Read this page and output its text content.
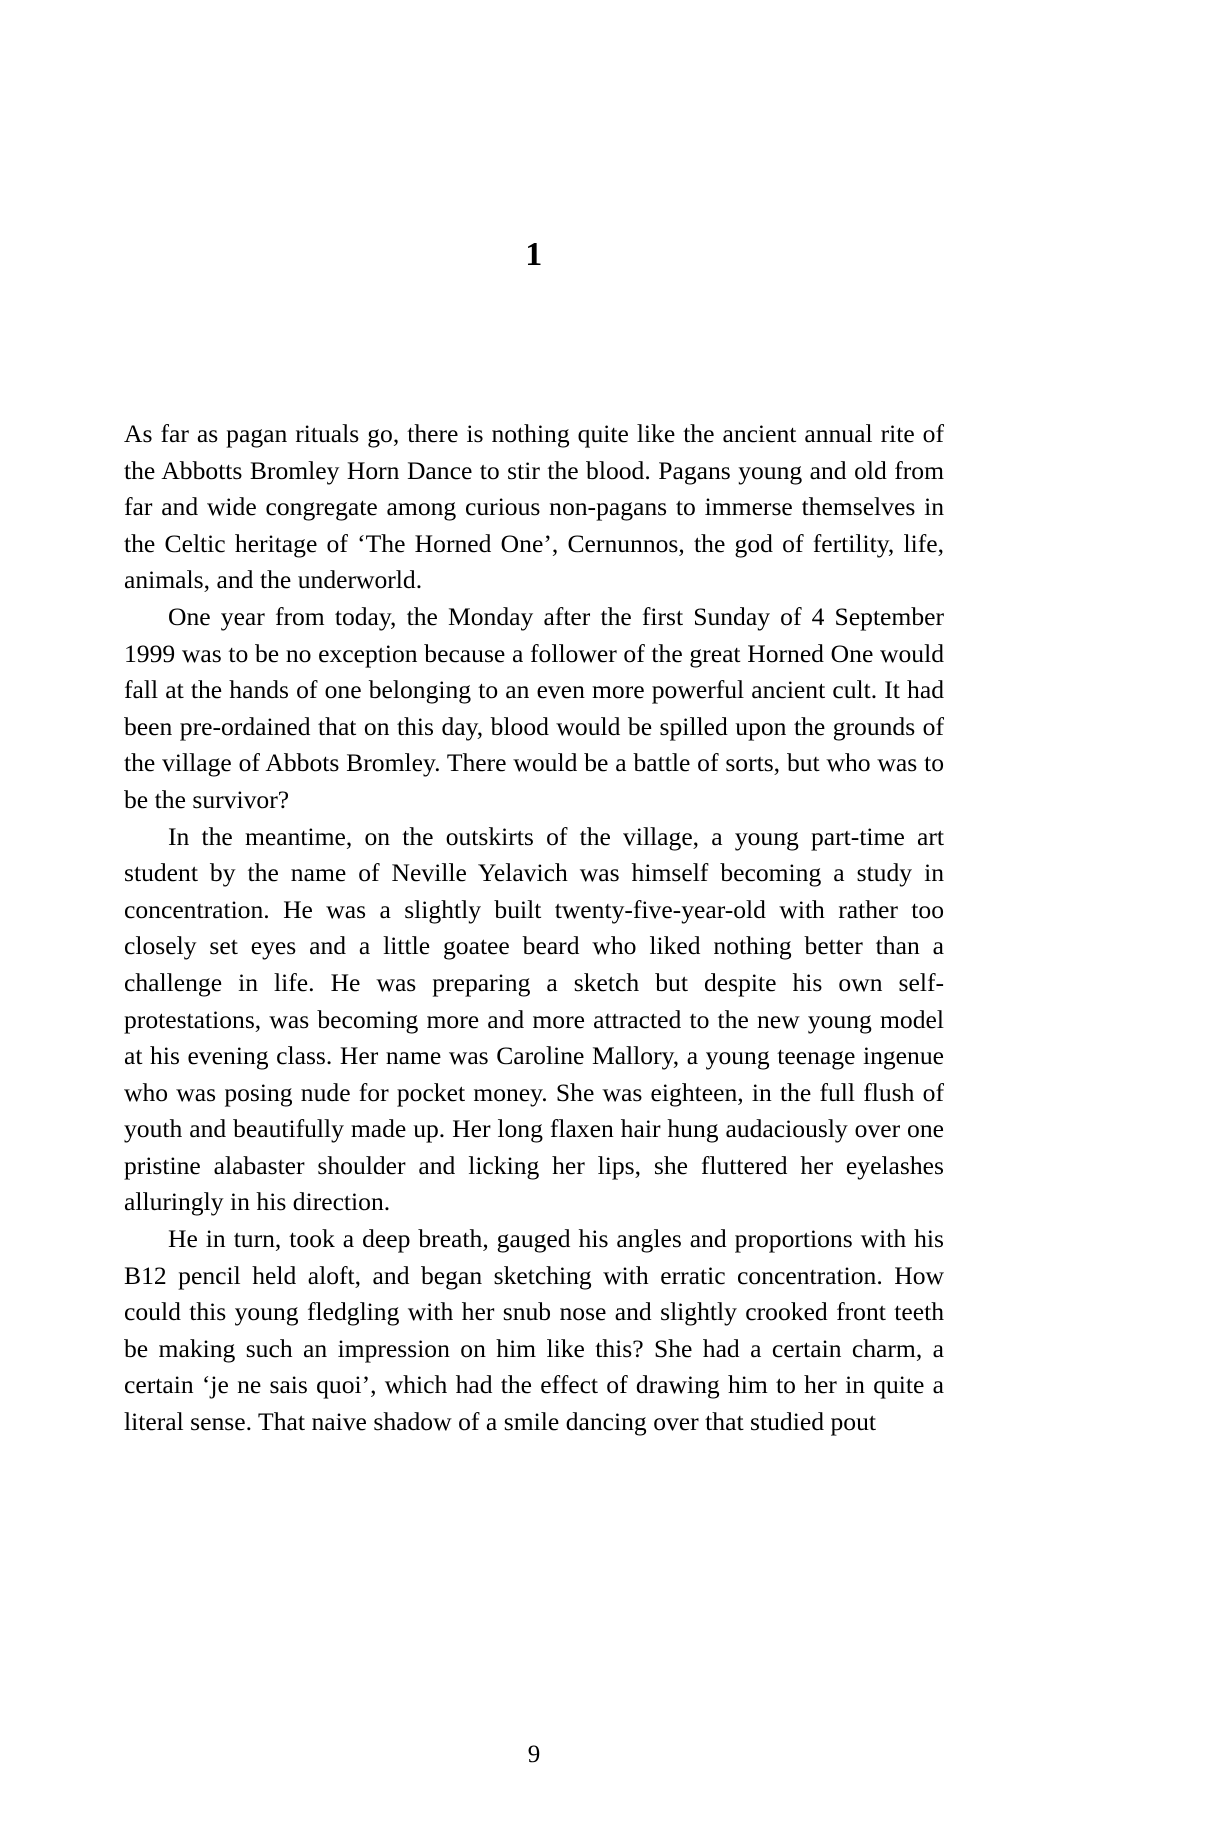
1

As far as pagan rituals go, there is nothing quite like the ancient annual rite of the Abbotts Bromley Horn Dance to stir the blood. Pagans young and old from far and wide congregate among curious non-pagans to immerse themselves in the Celtic heritage of ‘The Horned One’, Cernunnos, the god of fertility, life, animals, and the underworld.

One year from today, the Monday after the first Sunday of 4 September 1999 was to be no exception because a follower of the great Horned One would fall at the hands of one belonging to an even more powerful ancient cult. It had been pre-ordained that on this day, blood would be spilled upon the grounds of the village of Abbots Bromley. There would be a battle of sorts, but who was to be the survivor?

In the meantime, on the outskirts of the village, a young part-time art student by the name of Neville Yelavich was himself becoming a study in concentration. He was a slightly built twenty-five-year-old with rather too closely set eyes and a little goatee beard who liked nothing better than a challenge in life. He was preparing a sketch but despite his own self-protestations, was becoming more and more attracted to the new young model at his evening class. Her name was Caroline Mallory, a young teenage ingenue who was posing nude for pocket money. She was eighteen, in the full flush of youth and beautifully made up. Her long flaxen hair hung audaciously over one pristine alabaster shoulder and licking her lips, she fluttered her eyelashes alluringly in his direction.

He in turn, took a deep breath, gauged his angles and proportions with his B12 pencil held aloft, and began sketching with erratic concentration. How could this young fledgling with her snub nose and slightly crooked front teeth be making such an impression on him like this? She had a certain charm, a certain ‘je ne sais quoi’, which had the effect of drawing him to her in quite a literal sense. That naive shadow of a smile dancing over that studied pout

9
